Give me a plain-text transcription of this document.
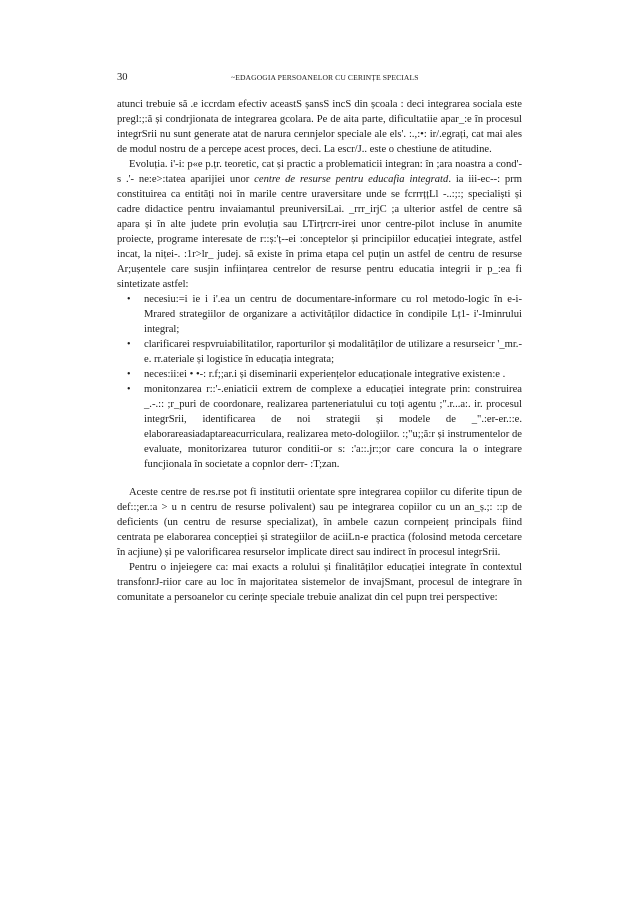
30	~EDAGOGIA PERSOANELOR CU CERINȚE SPECIALS

atunci trebuie să .e iccrdam efectiv aceastS șansS incS din școala : deci integrarea sociala este pregl:;:ă și condrjionata de integrarea gcolara. Pe de aita parte, dificultatiie apar_:e în procesul integrSrii nu sunt generate atat de narura cerınjelor speciale ale els'. :.,:•: ir/.egrați, cat mai ales de modul nostru de a percepe acest proces, deci. La escr/J.. este o chestiune de atitudine.

Evoluția. i'-i: p«e p.țr. teoretic, cat și practic a problematicii integran: în ;ara noastra a cond'-s .'- ne:e>:tatea aparijiei unor centre de resurse pentru educafia integratd. ia iii-ec--: prm constituirea ca entități noi în marile centre uraversitare unde se fcrrrțțLl -..:;:; specialiști și cadre didactice pentru invaiamantul preuniversiLai. _rrr_irjC ;a ulterior astfel de centre să apara și în alte judete prin evoluția sau LTirțrcrr-irei unor centre-pilot incluse în anumite proiecte, programe interesate de r::ș:'ț--ei :onceptelor și principiilor educației integrate, astfel incat, la niței-. :1r>lr_ judej. să existe în prima etapa cel puțin un astfel de centru de resurse Ar;ușentele care susjin inființarea centrelor de resurse pentru educatia integrii ir p_:ea fi sintetizate astfel:

• necesiu:=i ie i i'.ea un centru de documentare-informare cu rol metodo-logic în e-i-Mrared strategiilor de organizare a activităților didactice în condipile Lț1- i'-Iminrului integral;
• clarificarei respvruiabilitatilor, raporturilor și modalităților de utilizare a resurseicr '_mr.-e. rr.ateriale și logistice în educația integrata;
• neces:ii:ei • •-: r.f;;ar.i și diseminarii experiențelor educaționale integrative existen:e .
• monitonzarea r::'-.eniaticii extrem de complexe a educației integrate prin: construirea _.-.:: ;r_puri de coordonare, realizarea parteneriatului cu toți agentu ;".r...a:. ir. procesul integrSrii, identificarea de noi strategii și modele de _".:er-er.::e. elaborareasiadaptareacurriculara, realizarea meto-dologiilor. :;"u;;ă:r și instrumentelor de evaluate, monitorizarea tuturor conditii-or s: :'a::.jr:;or care concura la o integrare funcjionala în societate a copnlor derr- :T;zan.

Aceste centre de res.rse pot fi institutii orientate spre integrarea copiilor cu diferite tipun de def::;er.:a > u n centru de resurse polivalent) sau pe integrarea copiilor cu un an_ș.;: ::p de deficients (un centru de resurse specializat), în ambele cazun cornpeienț principals fiind centrata pe elaborarea concepției și strategiilor de aciiLn-e practica (folosind metoda cercetare în acjiune) și pe valorificarea resurselor implicate direct sau indirect în procesul integrSrii.

Pentru o injeiegere ca: mai exacts a rolului și finalităților educației integrate în contextul transfonrJ-riior care au loc în majoritatea sistemelor de invajSmant, procesul de integrare în comunitate a persoanelor cu cerințe speciale trebuie analizat din cel pupn trei perspective:
